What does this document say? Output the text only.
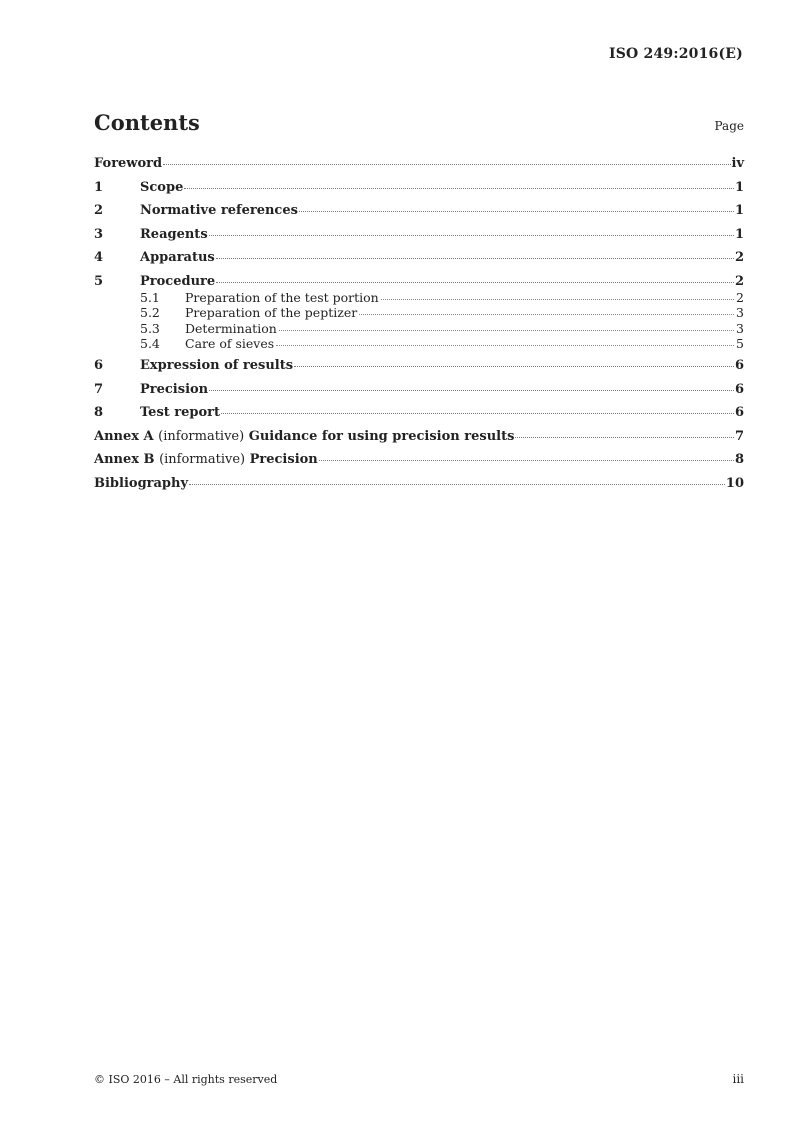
ISO 249:2016(E)
Contents	Page
Foreword	iv
1	Scope	1
2	Normative references	1
3	Reagents	1
4	Apparatus	2
5	Procedure	2
5.1	Preparation of the test portion	2
5.2	Preparation of the peptizer	3
5.3	Determination	3
5.4	Care of sieves	5
6	Expression of results	6
7	Precision	6
8	Test report	6
Annex A (informative) Guidance for using precision results	7
Annex B (informative) Precision	8
Bibliography	10
© ISO 2016 – All rights reserved	iii
